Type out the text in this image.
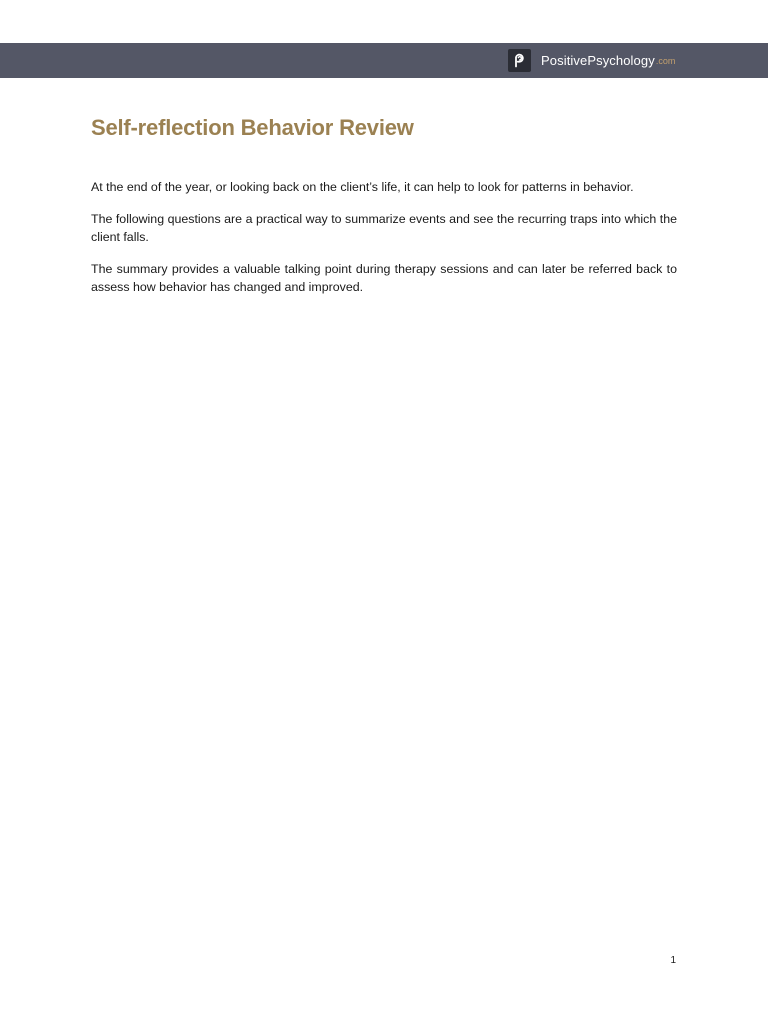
PositivePsychology .com
Self-reflection Behavior Review

At the end of the year, or looking back on the client’s life, it can help to look for patterns in behavior.

The following questions are a practical way to summarize events and see the recurring traps into which the client falls.

The summary provides a valuable talking point during therapy sessions and can later be referred back to assess how behavior has changed and improved.

1
